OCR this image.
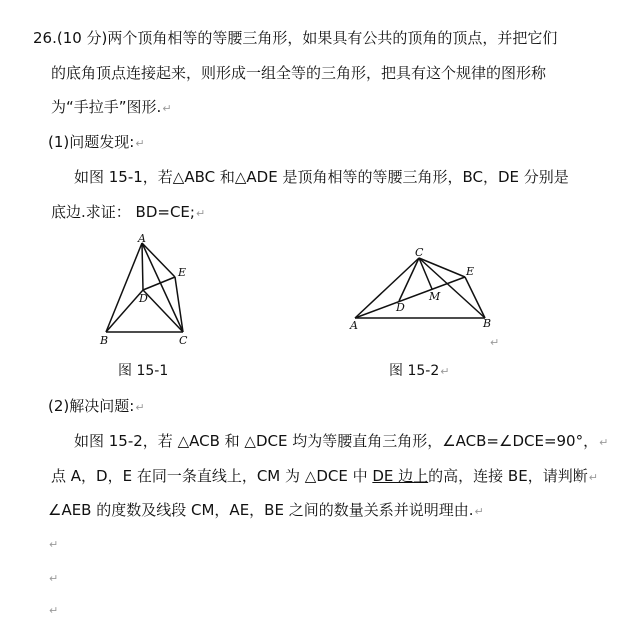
26.(10 分)两个顶角相等的等腰三角形，如果具有公共的顶角的顶点，并把它们
的底角顶点连接起来，则形成一组全等的三角形，把具有这个规律的图形称
为“手拉手”图形.↵
(1)问题发现:↵
如图 15-1，若△ABC 和△ADE 是顶角相等的等腰三角形，BC，DE 分别是
底边.求证： BD=CE;↵
A
B	C
D
E
图 15-1
A	B
C
D
E
M
↵
图 15-2↵
(2)解决问题:↵
如图 15-2，若 △ACB 和 △DCE 均为等腰直角三角形，∠ACB=∠DCE=90°，↵
点 A，D，E 在同一条直线上，CM 为 △DCE 中 DE 边上的高，连接 BE，请判断↵
∠AEB 的度数及线段 CM，AE，BE 之间的数量关系并说明理由.↵
↵
↵
↵
